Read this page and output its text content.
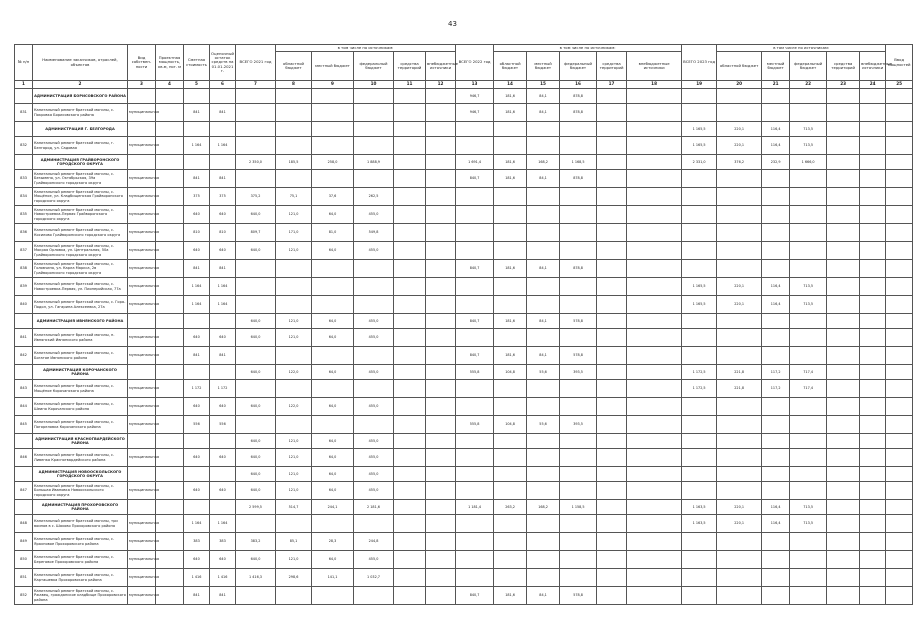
43
№ п/п	Наименование заказчиков, отраслей, объектов	Вид собствен-ности	Проектная мощность, кв.м, пог. м	Сметная стоимость	Оценочный остаток средств на 01.01.2021 г.	ВСЕГО 2021 год	в том числе по источникам:					ВСЕГО 2022 год	в том числе по источникам:					ВСЕГО 2023 год	в том числе по источникам:					Ввод мощностей	
							областной бюджет	местный бюджет	федеральный бюджет	средства территорий	внебюджетные источники		областной бюджет	местный бюджет	федеральный бюджет	средства территорий	внебюджетные источники		областной бюджет	местный бюджет	федеральный бюджет	средства территорий	внебюджетные источники		
1	2	3	4	5	6	7	8	9	10	11	12	13	14	15	16	17	18	19	20	21	22	23	24	25	
	АДМИНИСТРАЦИЯ БОРИСОВСКОГО РАЙОНА											946,7	181,6	84,1	878,8										
831	Капитальный ремонт братской могилы, с. Покровка Борисовского района	муниципальная		841	841							946,7	181,6	84,1	878,8										
	АДМИНИСТРАЦИЯ Г. БЕЛГОРОДА																	1 165,5	220,1	116,4	713,5				
832	Капитальный ремонт братской могилы, г. Белгород, ул. Садовая	муниципальная		1 164	1 164													1 165,5	220,1	116,4	713,5				
	АДМИНИСТРАЦИЯ ГРАЙВОРОНСКОГО ГОРОДСКОГО ОКРУГА					2 350,0	185,5	258,0	1 888,9			1 691,4	181,6	168,2	1 168,5			2 331,0	376,2	232,9	1 666,0				
833	Капитальный ремонт братской могилы, с. Безымено, ул. Октябрьская, 39а Грайворонского городского округа	муниципальная		841	841							840,7	181,6	84,1	878,8										
834	Капитальный ремонт братской могилы, с. Мощёное, ул. Кладбищенская Грайворонского городского округа	муниципальная		375	375	375,2	75,1	37,6	262,5																
835	Капитальный ремонт братской могилы, с. Новостроевка-Первая Грайворонского городского округа	муниципальная		640	640	640,0	121,0	64,0	455,0																
836	Капитальный ремонт братской могилы, с. Косилово Грайворонского городского округа	муниципальная		810	810	809,7	171,0	81,0	549,8																
837	Капитальный ремонт братской могилы, с. Мокрая Орловка, ул. Центральная, 50а Грайворонского городского округа	муниципальная		640	640	640,0	121,0	64,0	455,0																
838	Капитальный ремонт братской могилы, с. Головчино, ул. Карла Маркса, 2в Грайворонского городского округа	муниципальная		841	841							840,7	181,6	84,1	878,8										
839	Капитальный ремонт братской могилы, с. Новостроевка-Первая, ул. Пионерийская, 77а	муниципальная		1 164	1 164													1 165,5	220,1	116,4	713,5				
840	Капитальный ремонт братской могилы, с. Гора-Подол, ул. Гагарина Алексеевка, 27а	муниципальная		1 164	1 164													1 165,5	220,1	116,4	713,5				
	АДМИНИСТРАЦИЯ ИВНЯНСКОГО РАЙОНА					640,0	121,0	64,0	455,0			840,7	181,6	84,1	578,8										
841	Капитальный ремонт братской могилы, п. Ивнянский Ивнянского района	муниципальная		640	640	640,0	121,0	64,0	455,0																
842	Капитальный ремонт братской могилы, с. Богатое Ивнянского района	муниципальная		841	841							840,7	181,6	84,1	578,8										
	АДМИНИСТРАЦИЯ КОРОЧАНСКОГО РАЙОНА					640,0	122,0	64,0	455,0			555,8	104,8	55,6	393,5			1 172,5	221,8	117,2	717,4				
843	Капитальный ремонт братской могилы, с. Мощёное Корочанского района	муниципальная		1 172	1 172													1 172,5	221,8	117,2	717,4				
844	Капитальный ремонт братской могилы, с. Шеино Корочанского района	муниципальная		640	640	640,0	122,0	64,0	455,0																
845	Капитальный ремонт братской могилы, с. Погореловка Корочанского района	муниципальная		556	556							555,8	104,8	55,6	393,5										
	АДМИНИСТРАЦИЯ КРАСНОГВАРДЕЙСКОГО РАЙОНА					640,0	121,0	64,0	455,0																
846	Капитальный ремонт братской могилы, с. Ливенка Красногвардейского района	муниципальная		640	640	640,0	121,0	64,0	455,0																
	АДМИНИСТРАЦИЯ НОВООСКОЛЬСКОГО ГОРОДСКОГО ОКРУГА					640,0	121,0	64,0	455,0																
847	Капитальный ремонт братской могилы, с. Большая Ивановка Новооскольского городского округа	муниципальная		640	640	640,0	121,0	64,0	455,0																
	АДМИНИСТРАЦИЯ ПРОХОРОВСКОГО РАЙОНА					2 599,5	514,7	244,1	2 181,6			1 181,4	263,2	168,2	1 158,5			1 163,5	220,1	116,4	713,5				
848	Капитальный ремонт братской могилы, три воинов в с. Шахово Прохоровского района	муниципальная		1 164	1 164													1 163,5	220,1	116,4	713,5				
849	Капитальный ремонт братской могилы, с. Ярахновое Прохоровского района	муниципальная		383	383	383,2	85,1	28,3	244,8																
850	Капитальный ремонт братской могилы, с. Береговое Прохоровского района	муниципальная		640	640	640,0	121,0	64,0	455,0																
851	Капитальный ремонт братской могилы, с. Карташевка Прохоровского района	муниципальная		1 416	1 416	1 416,3	298,6	141,1	1 032,7																
852	Капитальный ремонт братской могилы, с. Ржавец, гражданское кладбище Прохоровского района	муниципальная		841	841							840,7	181,6	84,1	578,8										
